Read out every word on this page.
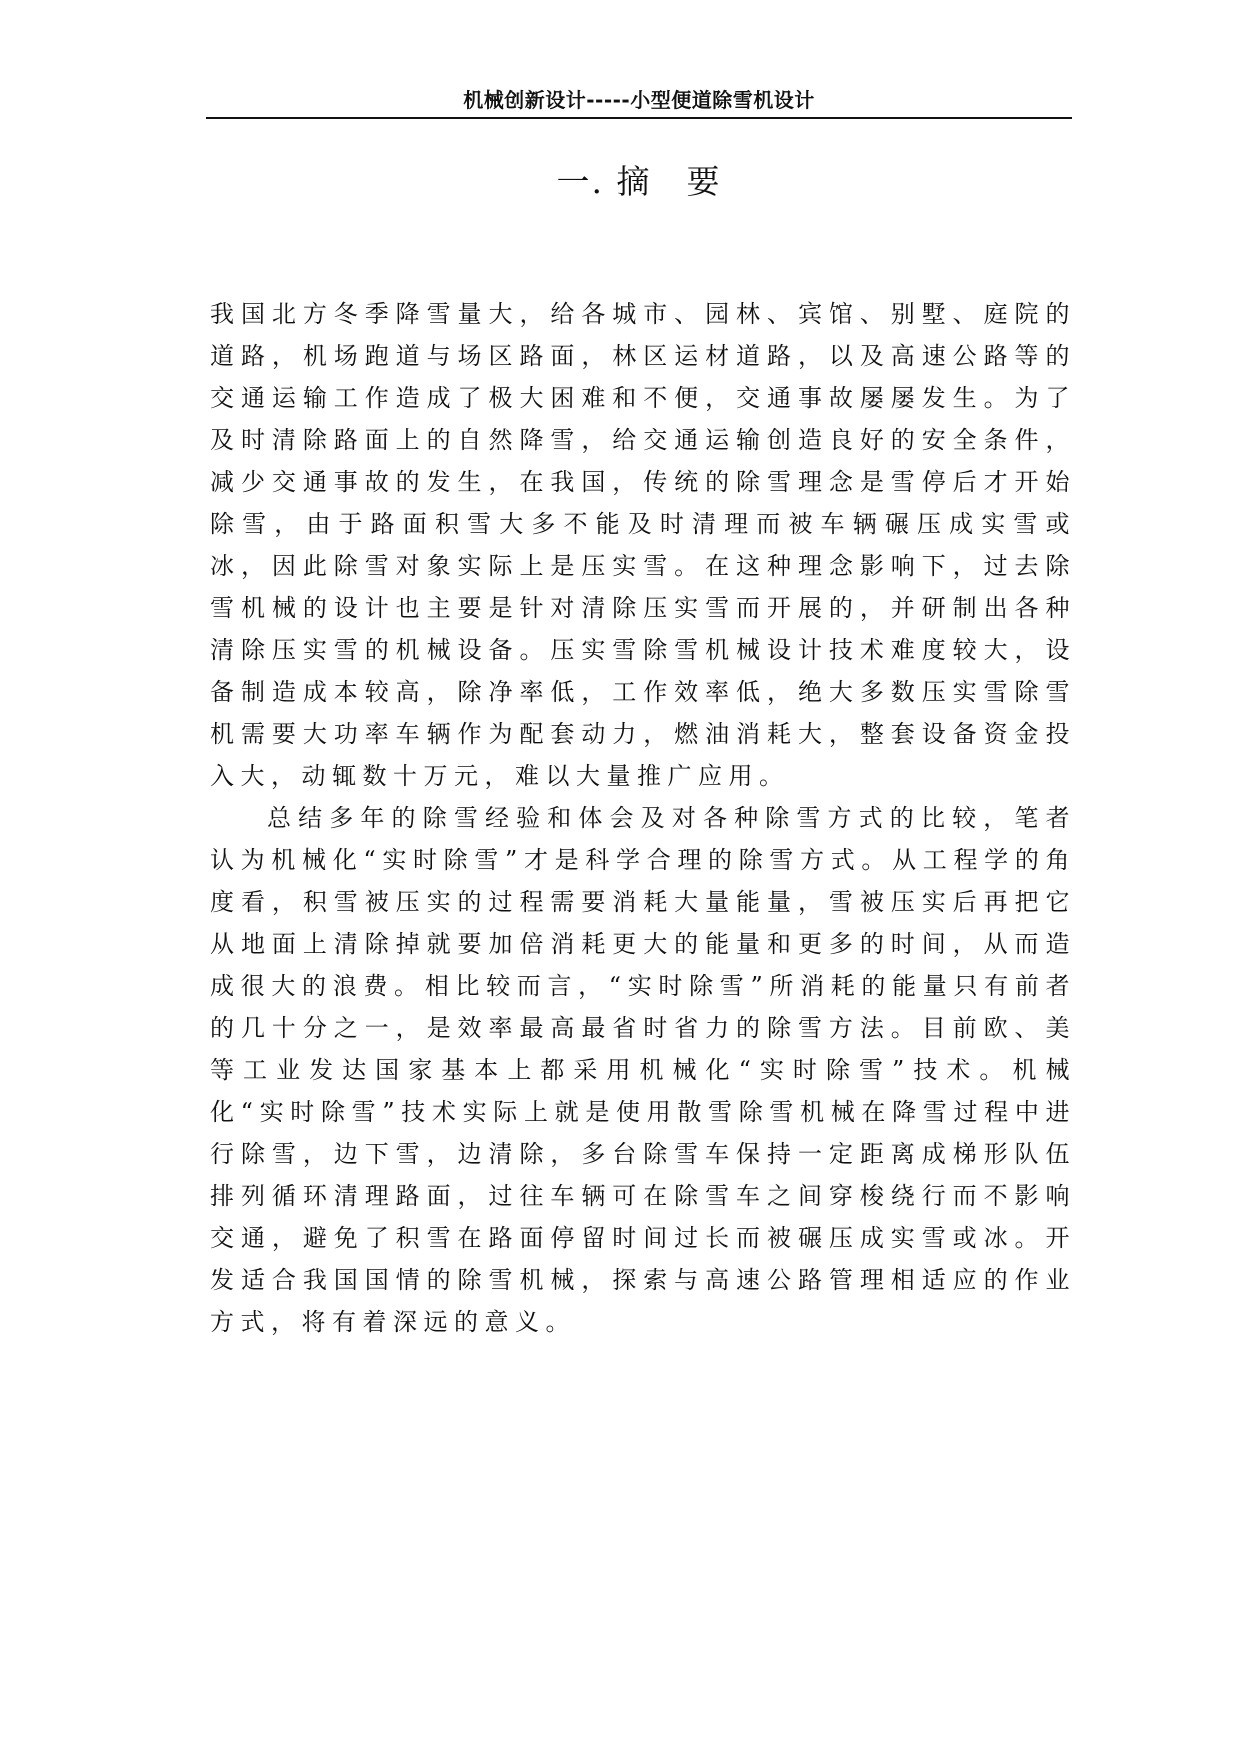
机械创新设计-----小型便道除雪机设计
一. 摘　要

我国北方冬季降雪量大，给各城市、园林、宾馆、别墅、庭院的道路，机场跑道与场区路面，林区运材道路，以及高速公路等的交通运输工作造成了极大困难和不便，交通事故屡屡发生。为了及时清除路面上的自然降雪，给交通运输创造良好的安全条件，减少交通事故的发生，在我国，传统的除雪理念是雪停后才开始除雪，由于路面积雪大多不能及时清理而被车辆碾压成实雪或冰，因此除雪对象实际上是压实雪。在这种理念影响下，过去除雪机械的设计也主要是针对清除压实雪而开展的，并研制出各种清除压实雪的机械设备。压实雪除雪机械设计技术难度较大，设备制造成本较高，除净率低，工作效率低，绝大多数压实雪除雪机需要大功率车辆作为配套动力，燃油消耗大，整套设备资金投入大，动辄数十万元，难以大量推广应用。

总结多年的除雪经验和体会及对各种除雪方式的比较，笔者认为机械化“实时除雪”才是科学合理的除雪方式。从工程学的角度看，积雪被压实的过程需要消耗大量能量，雪被压实后再把它从地面上清除掉就要加倍消耗更大的能量和更多的时间，从而造成很大的浪费。相比较而言，“实时除雪”所消耗的能量只有前者的几十分之一，是效率最高最省时省力的除雪方法。目前欧、美等工业发达国家基本上都采用机械化“实时除雪”技术。机械化“实时除雪”技术实际上就是使用散雪除雪机械在降雪过程中进行除雪，边下雪，边清除，多台除雪车保持一定距离成梯形队伍排列循环清理路面，过往车辆可在除雪车之间穿梭绕行而不影响交通，避免了积雪在路面停留时间过长而被碾压成实雪或冰。开发适合我国国情的除雪机械，探索与高速公路管理相适应的作业方式，将有着深远的意义。
